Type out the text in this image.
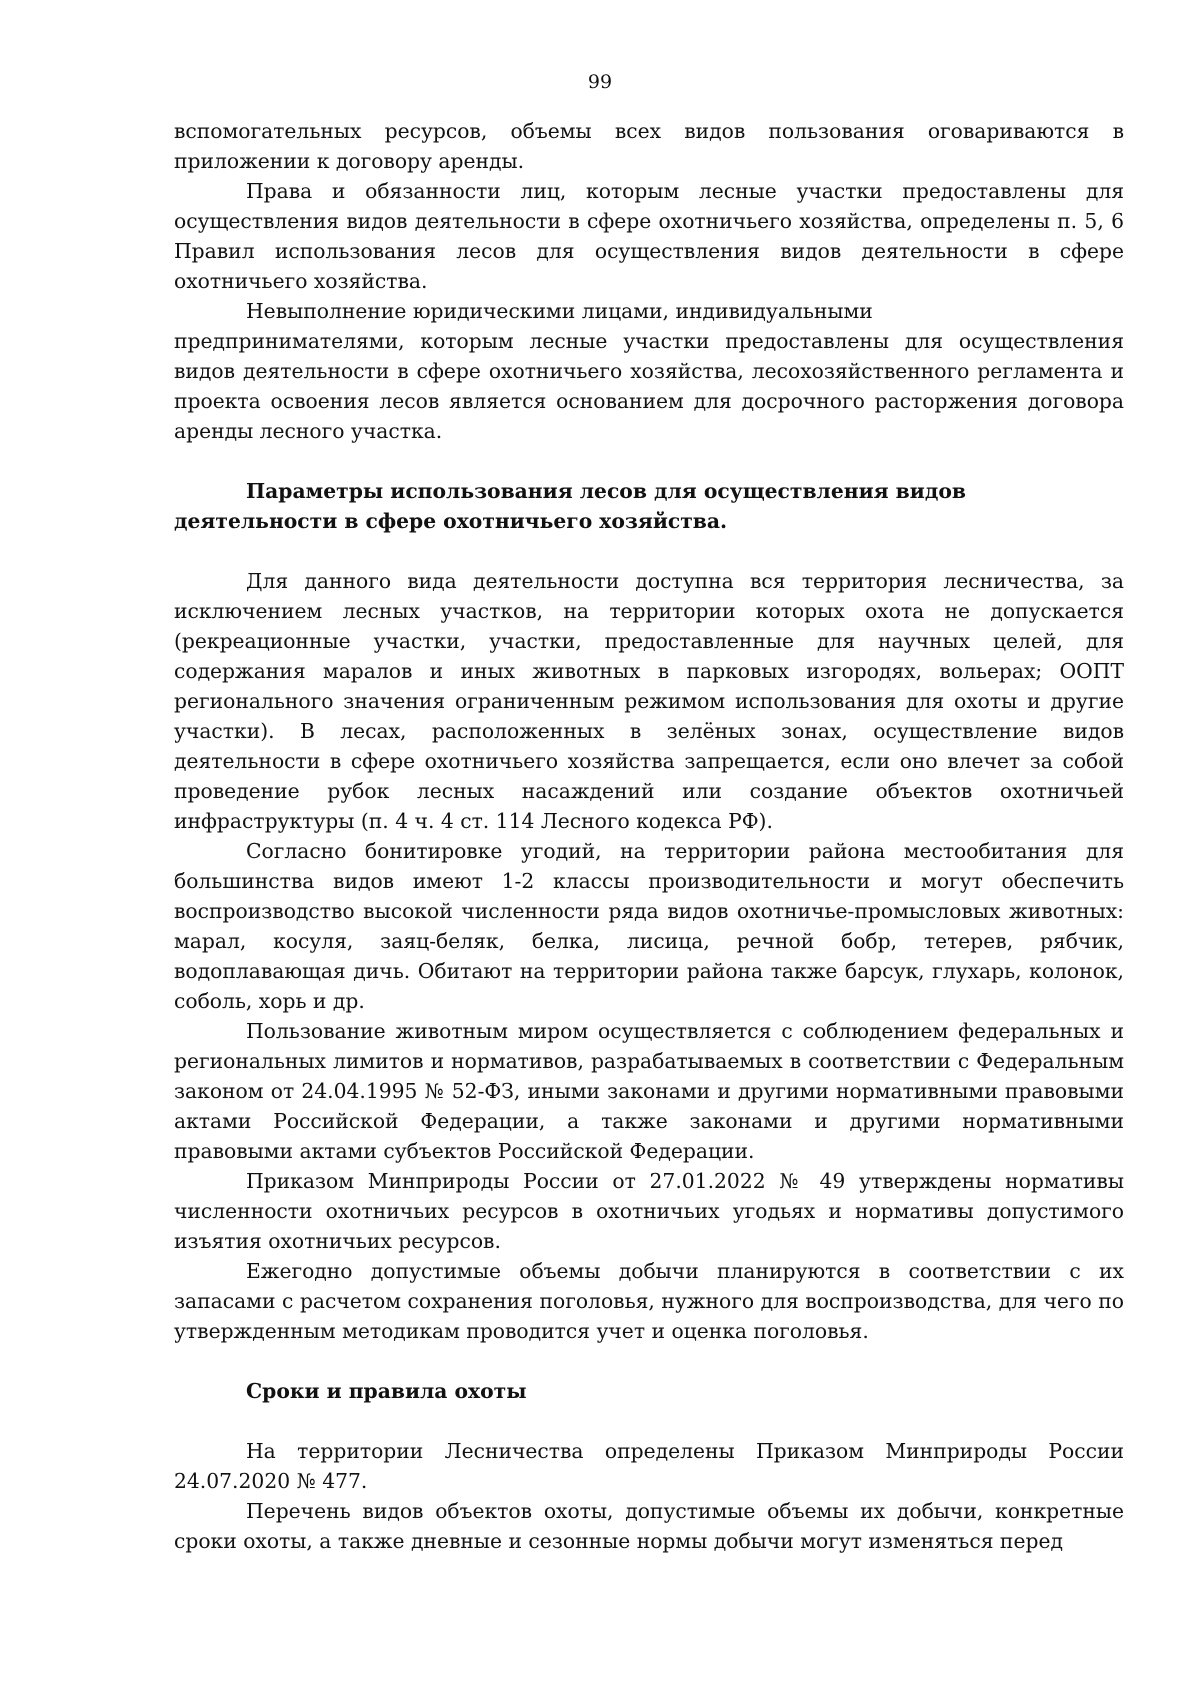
99

вспомогательных ресурсов, объемы всех видов пользования оговариваются в приложении к договору аренды.

Права и обязанности лиц, которым лесные участки предоставлены для осуществления видов деятельности в сфере охотничьего хозяйства, определены п. 5, 6 Правил использования лесов для осуществления видов деятельности в сфере охотничьего хозяйства.

Невыполнение юридическими лицами, индивидуальными

предпринимателями, которым лесные участки предоставлены для осуществления видов деятельности в сфере охотничьего хозяйства, лесохозяйственного регламента и проекта освоения лесов является основанием для досрочного расторжения договора аренды лесного участка.

Параметры использования лесов для осуществления видов деятельности в сфере охотничьего хозяйства.

Для данного вида деятельности доступна вся территория лесничества, за исключением лесных участков, на территории которых охота не допускается (рекреационные участки, участки, предоставленные для научных целей, для содержания маралов и иных животных в парковых изгородях, вольерах; ООПТ регионального значения ограниченным режимом использования для охоты и другие участки). В лесах, расположенных в зелёных зонах, осуществление видов деятельности в сфере охотничьего хозяйства запрещается, если оно влечет за собой проведение рубок лесных насаждений или создание объектов охотничьей инфраструктуры (п. 4 ч. 4 ст. 114 Лесного кодекса РФ).

Согласно бонитировке угодий, на территории района местообитания для большинства видов имеют 1-2 классы производительности и могут обеспечить воспроизводство высокой численности ряда видов охотничье-промысловых животных: марал, косуля, заяц-беляк, белка, лисица, речной бобр, тетерев, рябчик, водоплавающая дичь. Обитают на территории района также барсук, глухарь, колонок, соболь, хорь и др.

Пользование животным миром осуществляется с соблюдением федеральных и региональных лимитов и нормативов, разрабатываемых в соответствии с Федеральным законом от 24.04.1995 № 52-ФЗ, иными законами и другими нормативными правовыми актами Российской Федерации, а также законами и другими нормативными правовыми актами субъектов Российской Федерации.

Приказом Минприроды России от 27.01.2022 № 49 утверждены нормативы численности охотничьих ресурсов в охотничьих угодьях и нормативы допустимого изъятия охотничьих ресурсов.

Ежегодно допустимые объемы добычи планируются в соответствии с их запасами с расчетом сохранения поголовья, нужного для воспроизводства, для чего по утвержденным методикам проводится учет и оценка поголовья.

Сроки и правила охоты

На территории Лесничества определены Приказом Минприроды России 24.07.2020 № 477.

Перечень видов объектов охоты, допустимые объемы их добычи, конкретные сроки охоты, а также дневные и сезонные нормы добычи могут изменяться перед
